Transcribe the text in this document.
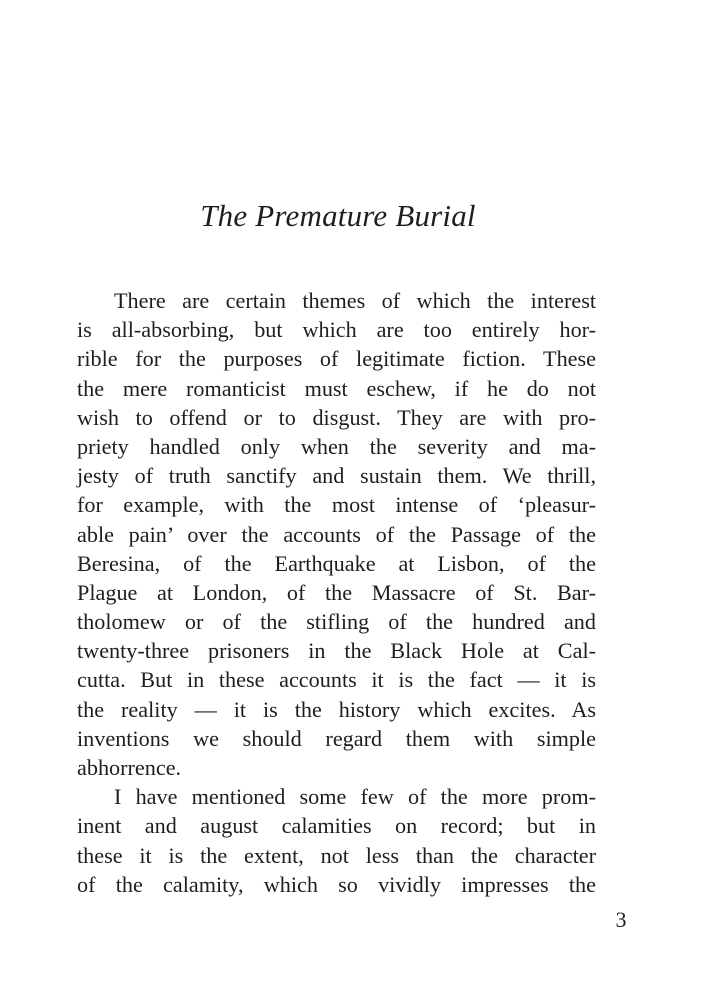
The Premature Burial
There are certain themes of which the interest
is all-absorbing, but which are too entirely hor-
rible for the purposes of legitimate fiction. These
the mere romanticist must eschew, if he do not
wish to offend or to disgust. They are with pro-
priety handled only when the severity and ma-
jesty of truth sanctify and sustain them. We thrill,
for example, with the most intense of ‘pleasur-
able pain’ over the accounts of the Passage of the
Beresina, of the Earthquake at Lisbon, of the
Plague at London, of the Massacre of St. Bar-
tholomew or of the stifling of the hundred and
twenty-three prisoners in the Black Hole at Cal-
cutta. But in these accounts it is the fact — it is
the reality — it is the history which excites. As
inventions we should regard them with simple
abhorrence.
I have mentioned some few of the more prom-
inent and august calamities on record; but in
these it is the extent, not less than the character
of the calamity, which so vividly impresses the
3
